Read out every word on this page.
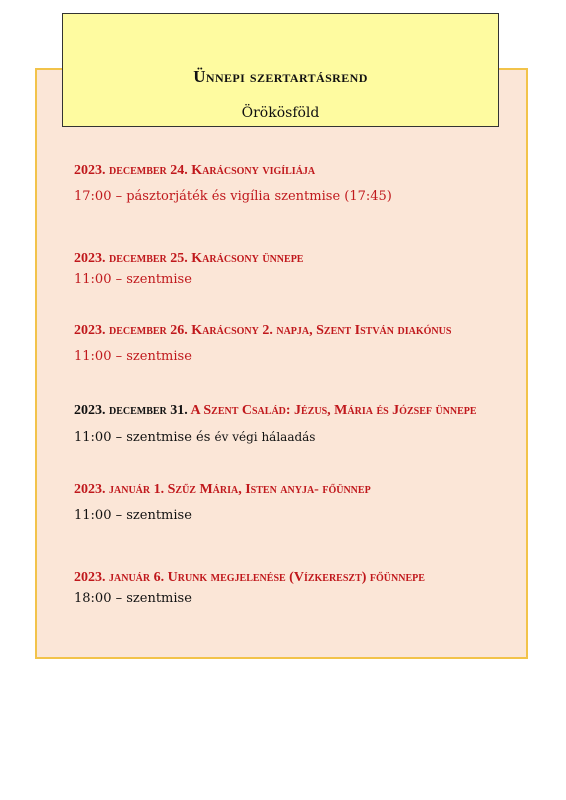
Ünnepi szertartásrend
Örökösföld
2023. december 24. Karácsony vigíliája
17:00 – pásztorjáték és vigília szentmise (17:45)
2023. december 25. Karácsony ünnepe
11:00 – szentmise
2023. december 26. Karácsony 2. napja, Szent István diakónus
11:00 – szentmise
2023. december 31. A Szent Család: Jézus, Mária és József ünnepe
11:00 – szentmise és év végi hálaadás
2023. január 1. Szűz Mária, Isten anyja- főünnep
11:00 – szentmise
2023. január 6. Urunk megjelenése (Vízkereszt) főünnepe
18:00 – szentmise
